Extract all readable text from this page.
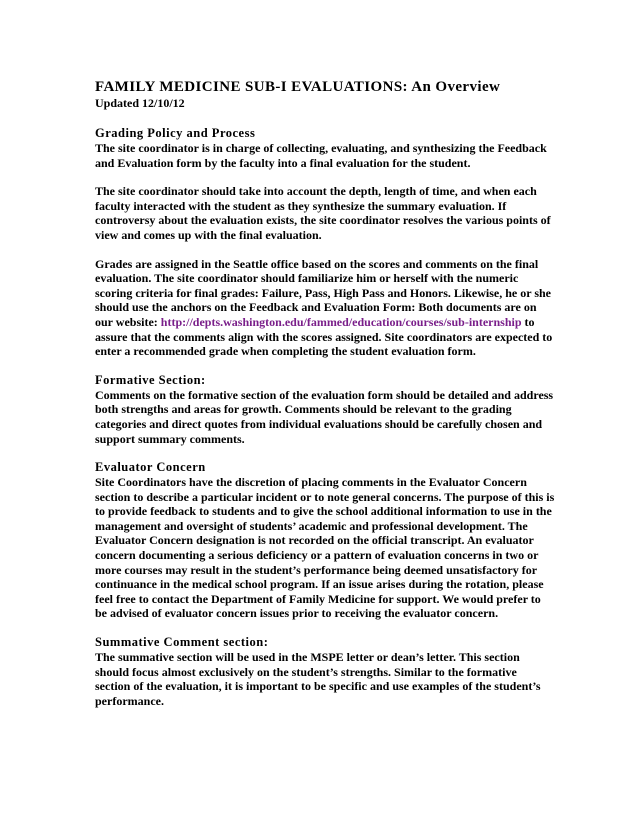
FAMILY MEDICINE SUB-I EVALUATIONS: An Overview
Updated 12/10/12
Grading Policy and Process

The site coordinator is in charge of collecting, evaluating, and synthesizing the Feedback and Evaluation form by the faculty into a final evaluation for the student.

The site coordinator should take into account the depth, length of time, and when each faculty interacted with the student as they synthesize the summary evaluation. If controversy about the evaluation exists, the site coordinator resolves the various points of view and comes up with the final evaluation.

Grades are assigned in the Seattle office based on the scores and comments on the final evaluation. The site coordinator should familiarize him or herself with the numeric scoring criteria for final grades: Failure, Pass, High Pass and Honors. Likewise, he or she should use the anchors on the Feedback and Evaluation Form: Both documents are on our website: http://depts.washington.edu/fammed/education/courses/sub-internship to assure that the comments align with the scores assigned. Site coordinators are expected to enter a recommended grade when completing the student evaluation form.

Formative Section:

Comments on the formative section of the evaluation form should be detailed and address both strengths and areas for growth. Comments should be relevant to the grading categories and direct quotes from individual evaluations should be carefully chosen and support summary comments.

Evaluator Concern

Site Coordinators have the discretion of placing comments in the Evaluator Concern section to describe a particular incident or to note general concerns. The purpose of this is to provide feedback to students and to give the school additional information to use in the management and oversight of students’ academic and professional development. The Evaluator Concern designation is not recorded on the official transcript. An evaluator concern documenting a serious deficiency or a pattern of evaluation concerns in two or more courses may result in the student’s performance being deemed unsatisfactory for continuance in the medical school program. If an issue arises during the rotation, please feel free to contact the Department of Family Medicine for support. We would prefer to be advised of evaluator concern issues prior to receiving the evaluator concern.

Summative Comment section:

The summative section will be used in the MSPE letter or dean’s letter. This section should focus almost exclusively on the student’s strengths. Similar to the formative section of the evaluation, it is important to be specific and use examples of the student’s performance.
